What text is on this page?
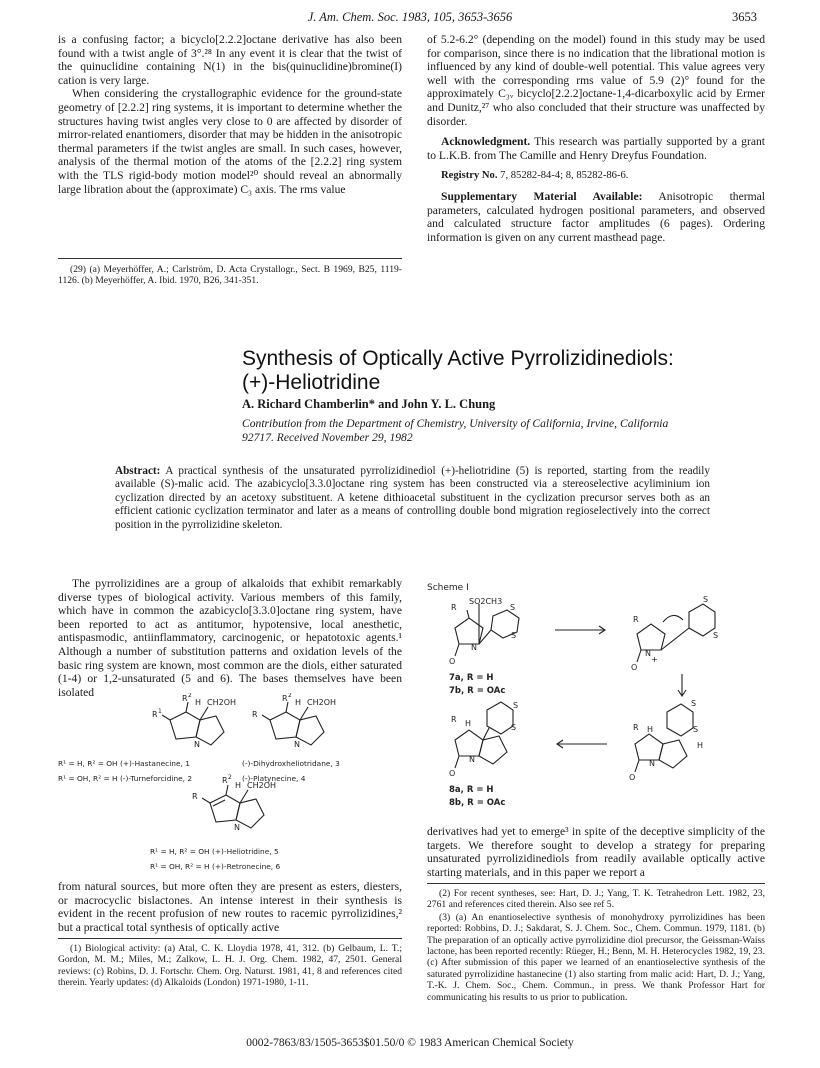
J. Am. Chem. Soc. 1983, 105, 3653-3656	3653

is a confusing factor; a bicyclo[2.2.2]octane derivative has also been found with a twist angle of 3°.²⁸ In any event it is clear that the twist of the quinuclidine containing N(1) in the bis(quinuclidine)bromine(I) cation is very large.

When considering the crystallographic evidence for the ground-state geometry of [2.2.2] ring systems, it is important to determine whether the structures having twist angles very close to 0 are affected by disorder of mirror-related enantiomers, disorder that may be hidden in the anisotropic thermal parameters if the twist angles are small. In such cases, however, analysis of the thermal motion of the atoms of the [2.2.2] ring system with the TLS rigid-body motion model²⁰ should reveal an abnormally large libration about the (approximate) C₃ axis. The rms value

(29) (a) Meyerhöffer, A.; Carlström, D. Acta Crystallogr., Sect. B 1969, B25, 1119-1126. (b) Meyerhöffer, A. Ibid. 1970, B26, 341-351.

of 5.2-6.2° (depending on the model) found in this study may be used for comparison, since there is no indication that the librational motion is influenced by any kind of double-well potential. This value agrees very well with the corresponding rms value of 5.9 (2)° found for the approximately C₃ᵥ bicyclo[2.2.2]octane-1,4-dicarboxylic acid by Ermer and Dunitz,²⁷ who also concluded that their structure was unaffected by disorder.

Acknowledgment. This research was partially supported by a grant to L.K.B. from The Camille and Henry Dreyfus Foundation.

Registry No. 7, 85282-84-4; 8, 85282-86-6.

Supplementary Material Available: Anisotropic thermal parameters, calculated hydrogen positional parameters, and observed and calculated structure factor amplitudes (6 pages). Ordering information is given on any current masthead page.

Synthesis of Optically Active Pyrrolizidinediols:
(+)-Heliotridine
A. Richard Chamberlin* and John Y. L. Chung
Contribution from the Department of Chemistry, University of California, Irvine, California 92717. Received November 29, 1982
Abstract: A practical synthesis of the unsaturated pyrrolizidinediol (+)-heliotridine (5) is reported, starting from the readily available (S)-malic acid. The azabicyclo[3.3.0]octane ring system has been constructed via a stereoselective acyliminium ion cyclization directed by an acetoxy substituent. A ketene dithioacetal substituent in the cyclization precursor serves both as an efficient cationic cyclization terminator and later as a means of controlling double bond migration regioselectively into the correct position in the pyrrolizidine skeleton.

The pyrrolizidines are a group of alkaloids that exhibit remarkably diverse types of biological activity. Various members of this family, which have in common the azabicyclo[3.3.0]octane ring system, have been reported to act as antitumor, hypotensive, local anesthetic, antispasmodic, antiinflammatory, carcinogenic, or hepatotoxic agents.¹ Although a number of substitution patterns and oxidation levels of the basic ring system are known, most common are the diols, either saturated (1-4) or 1,2-unsaturated (5 and 6). The bases themselves have been isolated

R 1
R 2
H CH2OH
N
R
R 2
H CH2OH
N
R
R 2
H CH2OH
N
R¹ = H, R² = OH (+)-Hastanecine, 1	(-)-Dihydroxheliotridane, 3
R¹ = OH, R² = H (-)-Turneforcidine, 2	(-)-Platynecine, 4
R¹ = H, R² = OH (+)-Heliotridine, 5
R¹ = OH, R² = H (+)-Retronecine, 6

from natural sources, but more often they are present as esters, diesters, or macrocyclic bislactones. An intense interest in their synthesis is evident in the recent profusion of new routes to racemic pyrrolizidines,² but a practical total synthesis of optically active

(1) Biological activity: (a) Atal, C. K. Lloydia 1978, 41, 312. (b) Gelbaum, L. T.; Gordon, M. M.; Miles, M.; Zalkow, L. H. J. Org. Chem. 1982, 47, 2501. General reviews: (c) Robins, D. J. Fortschr. Chem. Org. Naturst. 1981, 41, 8 and references cited therein. Yearly updates: (d) Alkaloids (London) 1971-1980, 1-11.

Scheme I
SO2CH3
R	S
S
N
O
R
S
S
N
O
+
R H
S
S
N
O
R H
S
S
H
N
O
7a, R = H
7b, R = OAc
8a, R = H
8b, R = OAc

derivatives had yet to emerge³ in spite of the deceptive simplicity of the targets. We therefore sought to develop a strategy for preparing unsaturated pyrrolizidinediols from readily available optically active starting materials, and in this paper we report a

(2) For recent syntheses, see: Hart, D. J.; Yang, T. K. Tetrahedron Lett. 1982, 23, 2761 and references cited therein. Also see ref 5.

(3) (a) An enantioselective synthesis of monohydroxy pyrrolizidines has been reported: Robbins, D. J.; Sakdarat, S. J. Chem. Soc., Chem. Commun. 1979, 1181. (b) The preparation of an optically active pyrrolizidine diol precursor, the Geissman-Waiss lactone, has been reported recently: Rüeger, H.; Benn, M. H. Heterocycles 1982, 19, 23. (c) After submission of this paper we learned of an enantioselective synthesis of the saturated pyrrolizidine hastanecine (1) also starting from malic acid: Hart, D. J.; Yang, T.-K. J. Chem. Soc., Chem. Commun., in press. We thank Professor Hart for communicating his results to us prior to publication.

0002-7863/83/1505-3653$01.50/0 © 1983 American Chemical Society
